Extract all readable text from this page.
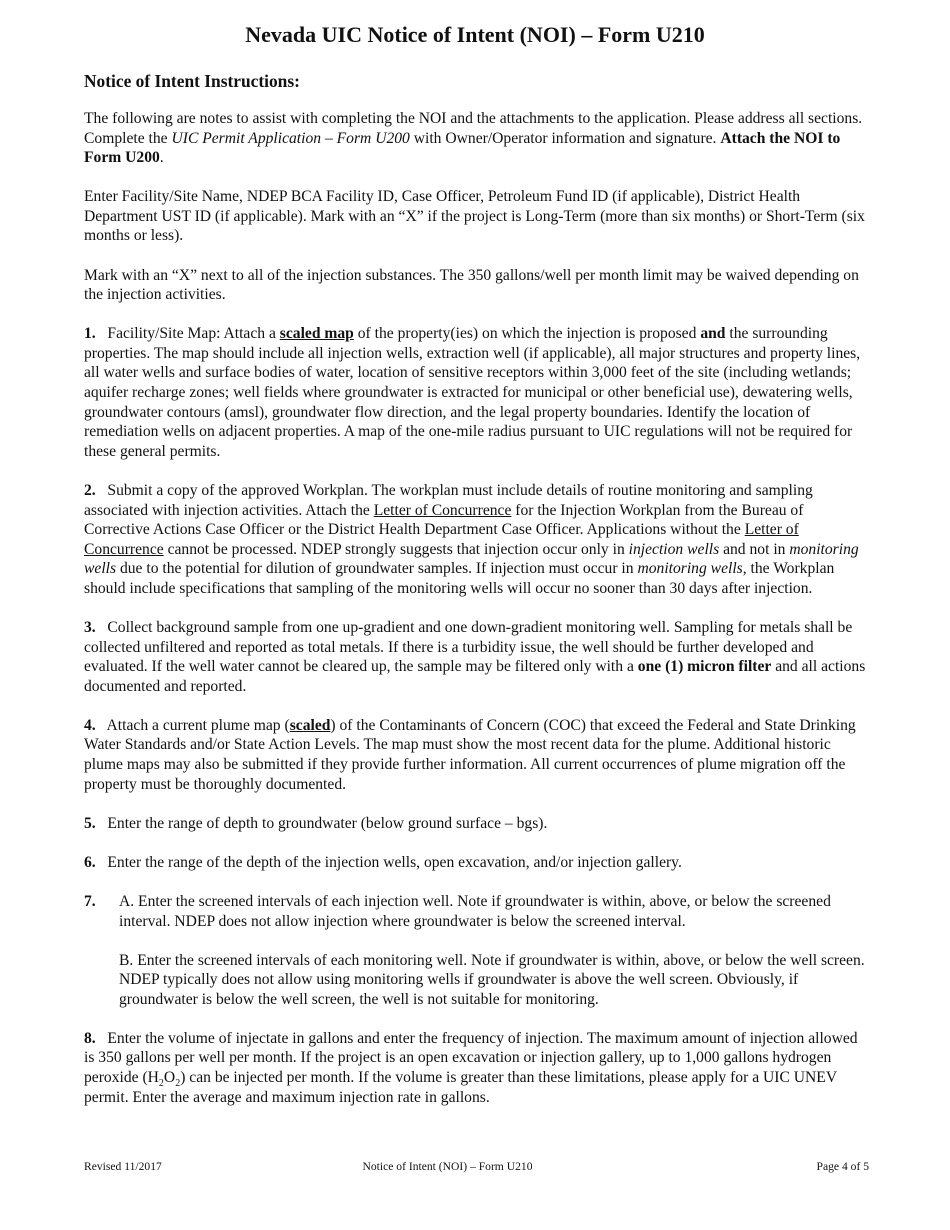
Nevada UIC Notice of Intent (NOI) – Form U210
Notice of Intent Instructions:

The following are notes to assist with completing the NOI and the attachments to the application. Please address all sections. Complete the UIC Permit Application – Form U200 with Owner/Operator information and signature. Attach the NOI to Form U200.

Enter Facility/Site Name, NDEP BCA Facility ID, Case Officer, Petroleum Fund ID (if applicable), District Health Department UST ID (if applicable). Mark with an “X” if the project is Long-Term (more than six months) or Short-Term (six months or less).

Mark with an “X” next to all of the injection substances. The 350 gallons/well per month limit may be waived depending on the injection activities.

1. Facility/Site Map: Attach a scaled map of the property(ies) on which the injection is proposed and the surrounding properties. The map should include all injection wells, extraction well (if applicable), all major structures and property lines, all water wells and surface bodies of water, location of sensitive receptors within 3,000 feet of the site (including wetlands; aquifer recharge zones; well fields where groundwater is extracted for municipal or other beneficial use), dewatering wells, groundwater contours (amsl), groundwater flow direction, and the legal property boundaries. Identify the location of remediation wells on adjacent properties. A map of the one-mile radius pursuant to UIC regulations will not be required for these general permits.

2. Submit a copy of the approved Workplan. The workplan must include details of routine monitoring and sampling associated with injection activities. Attach the Letter of Concurrence for the Injection Workplan from the Bureau of Corrective Actions Case Officer or the District Health Department Case Officer. Applications without the Letter of Concurrence cannot be processed. NDEP strongly suggests that injection occur only in injection wells and not in monitoring wells due to the potential for dilution of groundwater samples. If injection must occur in monitoring wells, the Workplan should include specifications that sampling of the monitoring wells will occur no sooner than 30 days after injection.

3. Collect background sample from one up-gradient and one down-gradient monitoring well. Sampling for metals shall be collected unfiltered and reported as total metals. If there is a turbidity issue, the well should be further developed and evaluated. If the well water cannot be cleared up, the sample may be filtered only with a one (1) micron filter and all actions documented and reported.

4. Attach a current plume map (scaled) of the Contaminants of Concern (COC) that exceed the Federal and State Drinking Water Standards and/or State Action Levels. The map must show the most recent data for the plume. Additional historic plume maps may also be submitted if they provide further information. All current occurrences of plume migration off the property must be thoroughly documented.

5. Enter the range of depth to groundwater (below ground surface – bgs).

6. Enter the range of the depth of the injection wells, open excavation, and/or injection gallery.

7.	A. Enter the screened intervals of each injection well. Note if groundwater is within, above, or below the screened interval. NDEP does not allow injection where groundwater is below the screened interval.

B. Enter the screened intervals of each monitoring well. Note if groundwater is within, above, or below the well screen. NDEP typically does not allow using monitoring wells if groundwater is above the well screen. Obviously, if groundwater is below the well screen, the well is not suitable for monitoring.

8. Enter the volume of injectate in gallons and enter the frequency of injection. The maximum amount of injection allowed is 350 gallons per well per month. If the project is an open excavation or injection gallery, up to 1,000 gallons hydrogen peroxide $(H_2O_2)$ can be injected per month. If the volume is greater than these limitations, please apply for a UIC UNEV permit. Enter the average and maximum injection rate in gallons.

Revised 11/2017	Notice of Intent (NOI) – Form U210	Page 4 of 5
